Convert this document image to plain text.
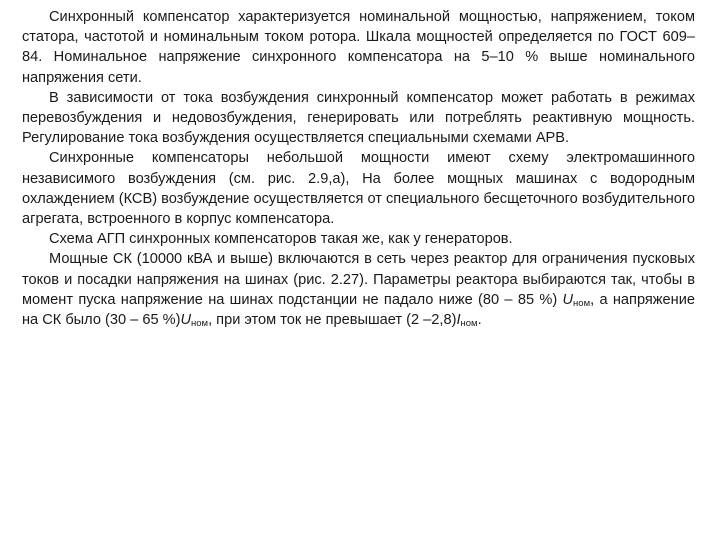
Синхронный компенсатор характеризуется номинальной мощностью, напряжением, током статора, частотой и номинальным током ротора. Шкала мощностей определяется по ГОСТ 609–84. Номинальное напряжение синхронного компенсатора на 5–10 % выше номинального напряжения сети.

В зависимости от тока возбуждения синхронный компенсатор может работать в режимах перевозбуждения и недовозбуждения, генерировать или потреблять реактивную мощность. Регулирование тока возбуждения осуществляется специальными схемами АРВ.

Синхронные компенсаторы небольшой мощности имеют схему электромашинного независимого возбуждения (см. рис. 2.9,а), На более мощных машинах с водородным охлаждением (КСВ) возбуждение осуществляется от специального бесщеточного возбудительного агрегата, встроенного в корпус компенсатора.

Схема АГП синхронных компенсаторов такая же, как у генераторов.

Мощные СК (10000 кВА и выше) включаются в сеть через реактор для ограничения пусковых токов и посадки напряжения на шинах (рис. 2.27). Параметры реактора выбираются так, чтобы в момент пуска напряжение на шинах подстанции не падало ниже (80 – 85 %) $U_{ном}$, а напряжение на СК было (30 – 65 $\%)U_{ном}$, при этом ток не превышает (2 $-2,8)I_{ном}$.
